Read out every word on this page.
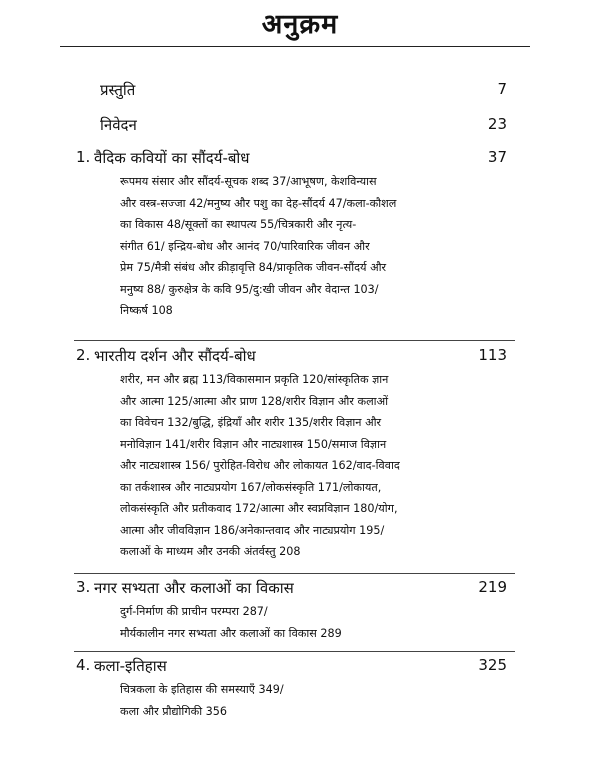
अनुक्रम
प्रस्तुति	7
निवेदन	23
1. वैदिक कवियों का सौंदर्य-बोध	37
रूपमय संसार और सौंदर्य-सूचक शब्द 37/आभूषण, केशविन्यास
और वस्त्र-सज्जा 42/मनुष्य और पशु का देह-सौंदर्य 47/कला-कौशल
का विकास 48/सूक्तों का स्थापत्य 55/चित्रकारी और नृत्य-
संगीत 61/ इन्द्रिय-बोध और आनंद 70/पारिवारिक जीवन और
प्रेम 75/मैत्री संबंध और क्रीड़ावृत्ति 84/प्राकृतिक जीवन-सौंदर्य और
मनुष्य 88/ कुरुक्षेत्र के कवि 95/दु:खी जीवन और वेदान्त 103/
निष्कर्ष 108
2. भारतीय दर्शन और सौंदर्य-बोध	113
शरीर, मन और ब्रह्म 113/विकासमान प्रकृति 120/सांस्कृतिक ज्ञान
और आत्मा 125/आत्मा और प्राण 128/शरीर विज्ञान और कलाओं
का विवेचन 132/बुद्धि, इंद्रियाँ और शरीर 135/शरीर विज्ञान और
मनोविज्ञान 141/शरीर विज्ञान और नाट्यशास्त्र 150/समाज विज्ञान
और नाट्यशास्त्र 156/ पुरोहित-विरोध और लोकायत 162/वाद-विवाद
का तर्कशास्त्र और नाट्यप्रयोग 167/लोकसंस्कृति 171/लोकायत,
लोकसंस्कृति और प्रतीकवाद 172/आत्मा और स्वप्नविज्ञान 180/योग,
आत्मा और जीवविज्ञान 186/अनेकान्तवाद और नाट्यप्रयोग 195/
कलाओं के माध्यम और उनकी अंतर्वस्तु 208
3. नगर सभ्यता और कलाओं का विकास	219
दुर्ग-निर्माण की प्राचीन परम्परा 287/
मौर्यकालीन नगर सभ्यता और कलाओं का विकास 289
4. कला-इतिहास	325
चित्रकला के इतिहास की समस्याएँ 349/
कला और प्रौद्योगिकी 356
